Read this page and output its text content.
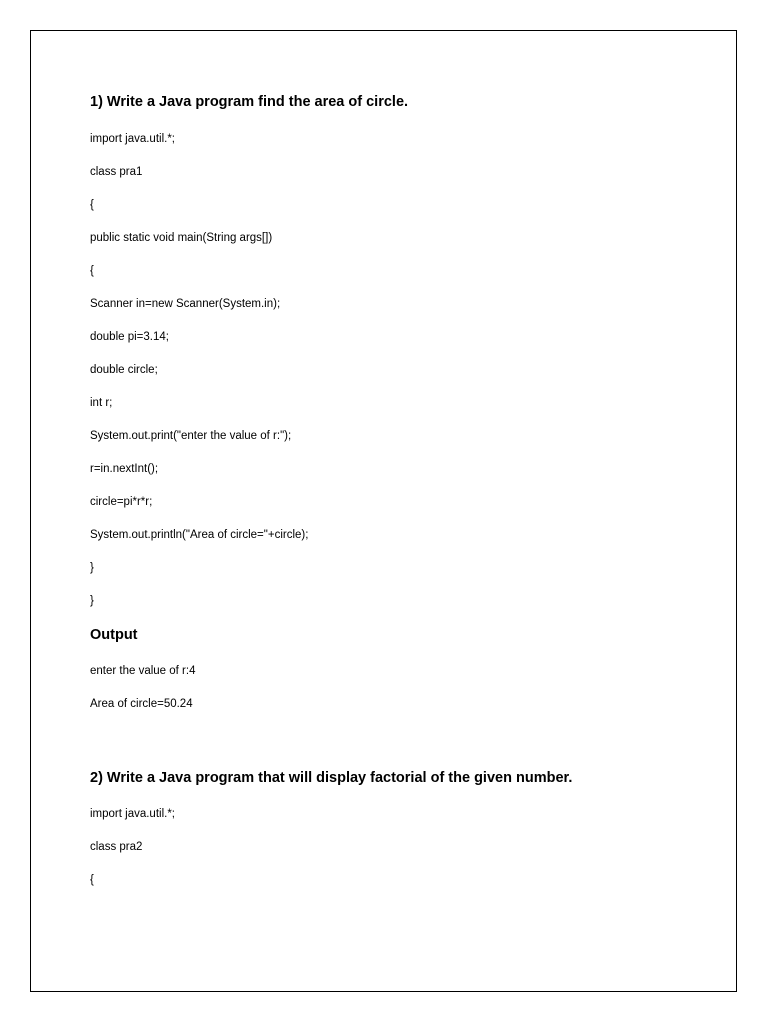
1) Write a Java program find the area of circle.

import java.util.*;

class pra1

{

public static void main(String args[])

{

Scanner in=new Scanner(System.in);

double pi=3.14;

double circle;

int r;

System.out.print("enter the value of r:");

r=in.nextInt();

circle=pi*r*r;

System.out.println("Area of circle="+circle);

}

}

Output

enter the value of r:4

Area of circle=50.24

2) Write a Java program that will display factorial of the given number.

import java.util.*;

class pra2

{
